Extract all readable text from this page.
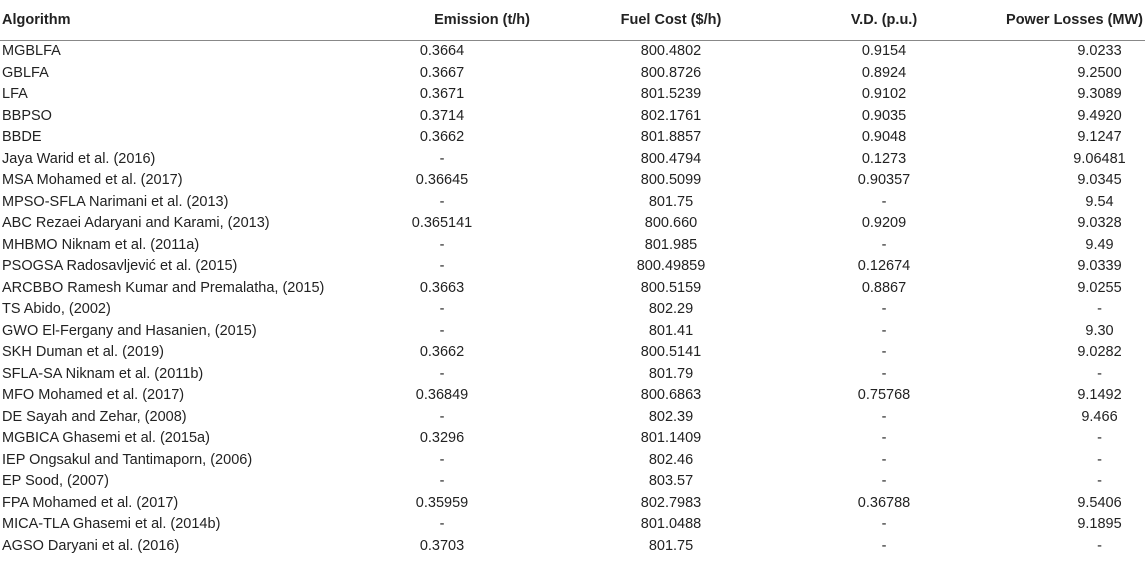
Algorithm	Emission (t/h)	Fuel Cost ($/h)	V.D. (p.u.)	Power Losses (MW)
MGBLFA	0.3664	800.4802	0.9154	9.0233
GBLFA	0.3667	800.8726	0.8924	9.2500
LFA	0.3671	801.5239	0.9102	9.3089
BBPSO	0.3714	802.1761	0.9035	9.4920
BBDE	0.3662	801.8857	0.9048	9.1247
Jaya Warid et al. (2016)	-	800.4794	0.1273	9.06481
MSA Mohamed et al. (2017)	0.36645	800.5099	0.90357	9.0345
MPSO-SFLA Narimani et al. (2013)	-	801.75	-	9.54
ABC Rezaei Adaryani and Karami, (2013)	0.365141	800.660	0.9209	9.0328
MHBMO Niknam et al. (2011a)	-	801.985	-	9.49
PSOGSA Radosavljević et al. (2015)	-	800.49859	0.12674	9.0339
ARCBBO Ramesh Kumar and Premalatha, (2015)	0.3663	800.5159	0.8867	9.0255
TS Abido, (2002)	-	802.29	-	-
GWO El-Fergany and Hasanien, (2015)	-	801.41	-	9.30
SKH Duman et al. (2019)	0.3662	800.5141	-	9.0282
SFLA-SA Niknam et al. (2011b)	-	801.79	-	-
MFO Mohamed et al. (2017)	0.36849	800.6863	0.75768	9.1492
DE Sayah and Zehar, (2008)	-	802.39	-	9.466
MGBICA Ghasemi et al. (2015a)	0.3296	801.1409	-	-
IEP Ongsakul and Tantimaporn, (2006)	-	802.46	-	-
EP Sood, (2007)	-	803.57	-	-
FPA Mohamed et al. (2017)	0.35959	802.7983	0.36788	9.5406
MICA-TLA Ghasemi et al. (2014b)	-	801.0488	-	9.1895
AGSO Daryani et al. (2016)	0.3703	801.75	-	-
